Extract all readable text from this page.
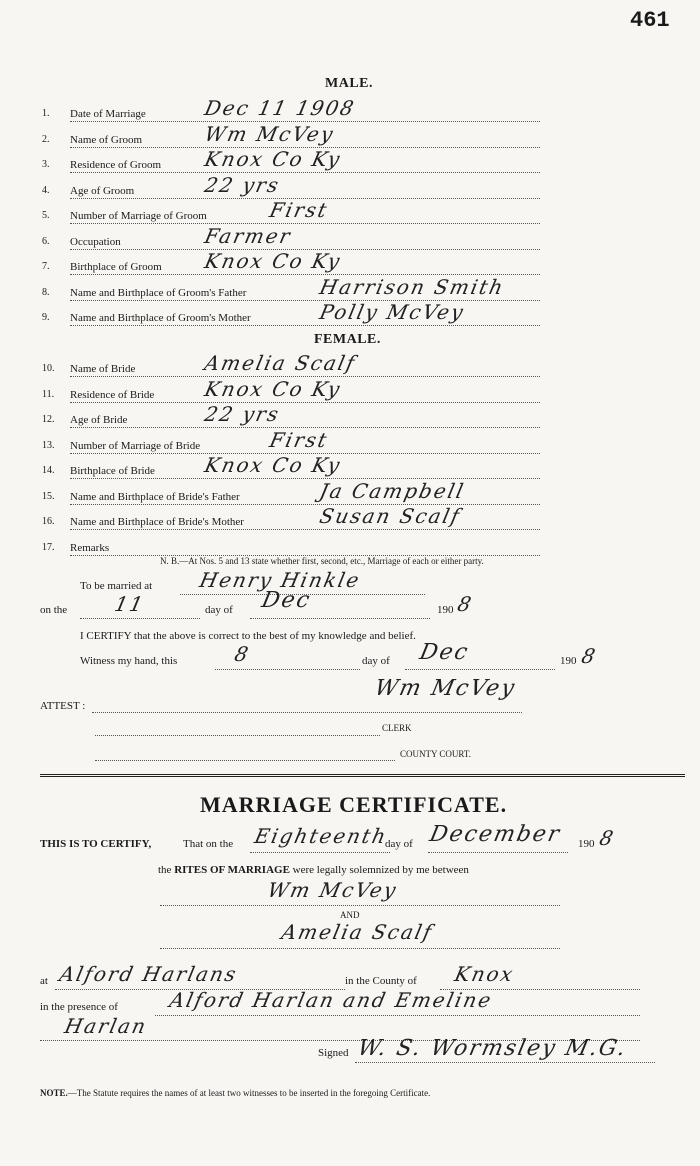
461
MALE.
1. Date of Marriage	Dec 11 1908
2. Name of Groom	Wm McVey
3. Residence of Groom Knox Co Ky
4. Age of Groom	22 yrs
5. Number of Marriage of Groom	First
6. Occupation	Farmer
7. Birthplace of Groom Knox Co Ky
8. Name and Birthplace of Groom's Father	Harrison Smith
9. Name and Birthplace of Groom's Mother	Polly McVey
FEMALE.
10. Name of Bride	Amelia Scalf
11. Residence of Bride Knox Co Ky
12. Age of Bride	22 yrs
13. Number of Marriage of Bride	First
14. Birthplace of Bride Knox Co Ky
15. Name and Birthplace of Bride's Father	Ja Campbell
16. Name and Birthplace of Bride's Mother	Susan Scalf
17. Remarks
N. B.—At Nos. 5 and 13 state whether first, second, etc., Marriage of each or either party.
To be married at Henry Hinkle
on the 11	day of Dec	190 8
I CERTIFY that the above is correct to the best of my knowledge and belief.
Witness my hand, this	8	day of Dec	190 8
Wm McVey
ATTEST :
CLERK
COUNTY COURT.
MARRIAGE CERTIFICATE.
THIS IS TO CERTIFY,	That on the Eighteenth
day of December 190 8
the RITES OF MARRIAGE were legally solemnized by me between
Wm McVey
AND
Amelia Scalf
at Alford Harlans	in the County of Knox
in the presence of Alford Harlan and Emeline
Harlan
Signed W. S. Wormsley M.G.
NOTE.—The Statute requires the names of at least two witnesses to be inserted in the foregoing Certificate.
